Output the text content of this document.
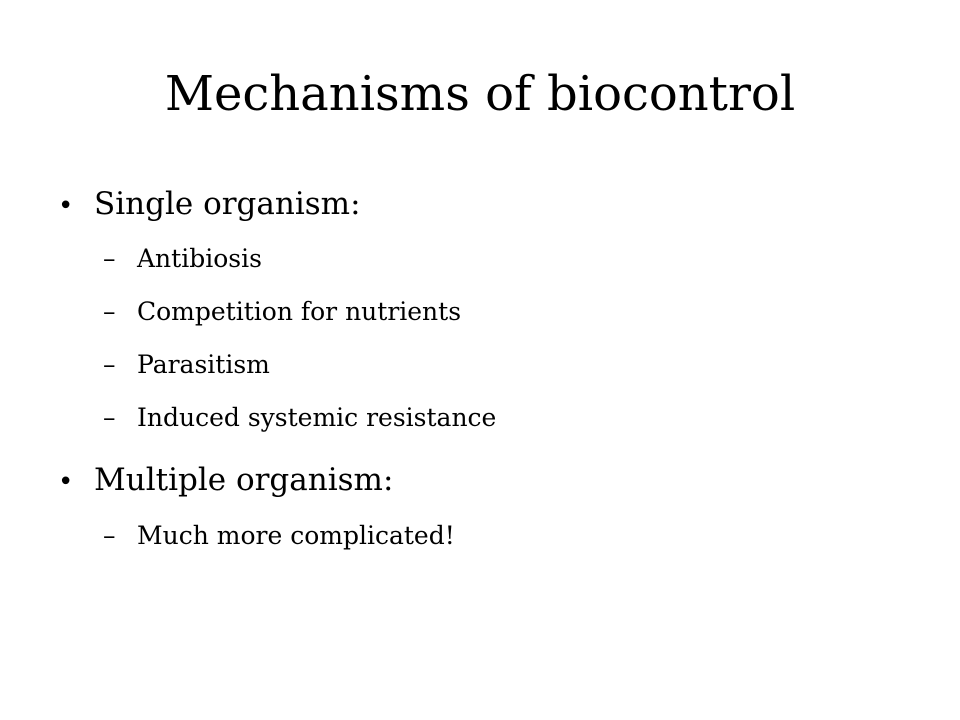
Mechanisms of biocontrol
• Single organism:
– Antibiosis
– Competition for nutrients
– Parasitism
– Induced systemic resistance
• Multiple organism:
– Much more complicated!
